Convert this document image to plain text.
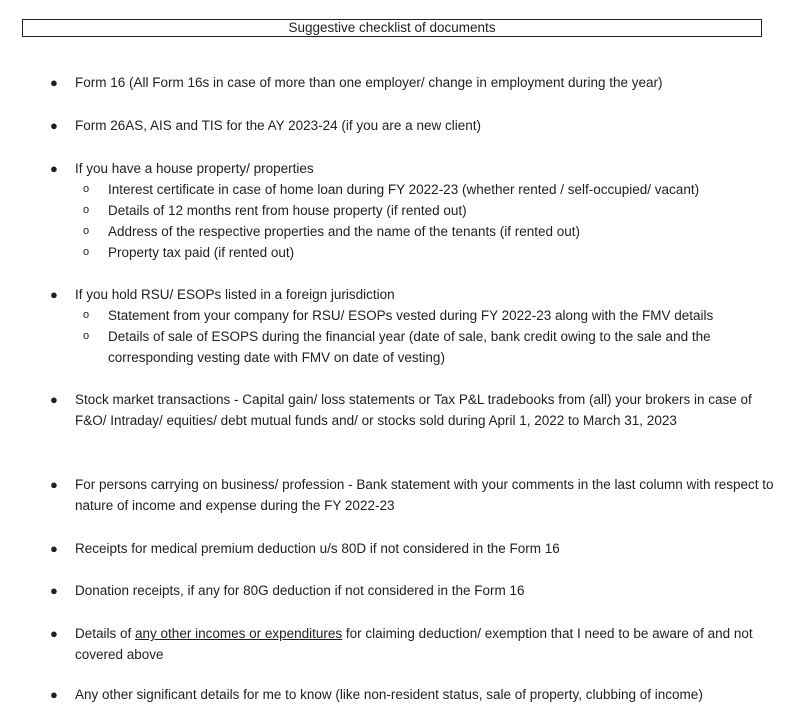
Suggestive checklist of documents
● Form 16 (All Form 16s in case of more than one employer/ change in employment during the year)
● Form 26AS, AIS and TIS for the AY 2023-24 (if you are a new client)
● If you have a house property/ properties
o Interest certificate in case of home loan during FY 2022-23 (whether rented / self-occupied/ vacant)
o Details of 12 months rent from house property (if rented out)
o Address of the respective properties and the name of the tenants (if rented out)
o Property tax paid (if rented out)
● If you hold RSU/ ESOPs listed in a foreign jurisdiction
o Statement from your company for RSU/ ESOPs vested during FY 2022-23 along with the FMV details
o Details of sale of ESOPS during the financial year (date of sale, bank credit owing to the sale and the corresponding vesting date with FMV on date of vesting)
● Stock market transactions - Capital gain/ loss statements or Tax P&L tradebooks from (all) your brokers in case of F&O/ Intraday/ equities/ debt mutual funds and/ or stocks sold during April 1, 2022 to March 31, 2023
● For persons carrying on business/ profession - Bank statement with your comments in the last column with respect to nature of income and expense during the FY 2022-23
● Receipts for medical premium deduction u/s 80D if not considered in the Form 16
● Donation receipts, if any for 80G deduction if not considered in the Form 16
● Details of any other incomes or expenditures for claiming deduction/ exemption that I need to be aware of and not covered above
● Any other significant details for me to know (like non-resident status, sale of property, clubbing of income)
